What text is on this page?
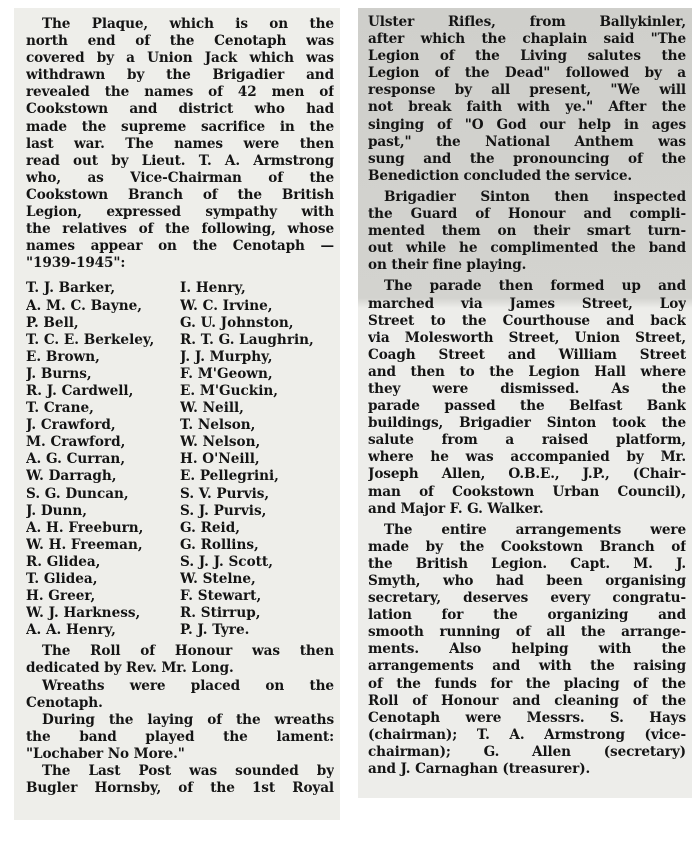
The Plaque, which is on the
north end of the Cenotaph was
covered by a Union Jack which was
withdrawn by the Brigadier and
revealed the names of 42 men of
Cookstown and district who had
made the supreme sacrifice in the
last war. The names were then
read out by Lieut. T. A. Armstrong
who, as Vice-Chairman of the
Cookstown Branch of the British
Legion, expressed sympathy with
the relatives of the following, whose
names appear on the Cenotaph —
"1939-1945":

T. J. Barker,	I. Henry,
A. M. C. Bayne,	W. C. Irvine,
P. Bell,	G. U. Johnston,
T. C. E. Berkeley,	R. T. G. Laughrin,
E. Brown,	J. J. Murphy,
J. Burns,	F. M'Geown,
R. J. Cardwell,	E. M'Guckin,
T. Crane,	W. Neill,
J. Crawford,	T. Nelson,
M. Crawford,	W. Nelson,
A. G. Curran,	H. O'Neill,
W. Darragh,	E. Pellegrini,
S. G. Duncan,	S. V. Purvis,
J. Dunn,	S. J. Purvis,
A. H. Freeburn,	G. Reid,
W. H. Freeman,	G. Rollins,
R. Glidea,	S. J. J. Scott,
T. Glidea,	W. Stelne,
H. Greer,	F. Stewart,
W. J. Harkness,	R. Stirrup,
A. A. Henry,	P. J. Tyre.

The Roll of Honour was then
dedicated by Rev. Mr. Long.

Wreaths were placed on the
Cenotaph.

During the laying of the wreaths
the band played the lament:
"Lochaber No More."

The Last Post was sounded by
Bugler Hornsby, of the 1st Royal

Ulster Rifles, from Ballykinler,
after which the chaplain said "The
Legion of the Living salutes the
Legion of the Dead" followed by a
response by all present, "We will
not break faith with ye." After the
singing of "O God our help in ages
past," the National Anthem was
sung and the pronouncing of the
Benediction concluded the service.

Brigadier Sinton then inspected
the Guard of Honour and compli-
mented them on their smart turn-
out while he complimented the band
on their fine playing.

The parade then formed up and
marched via James Street, Loy
Street to the Courthouse and back
via Molesworth Street, Union Street,
Coagh Street and William Street
and then to the Legion Hall where
they were dismissed. As the
parade passed the Belfast Bank
buildings, Brigadier Sinton took the
salute from a raised platform,
where he was accompanied by Mr.
Joseph Allen, O.B.E., J.P., (Chair-
man of Cookstown Urban Council),
and Major F. G. Walker.

The entire arrangements were
made by the Cookstown Branch of
the British Legion. Capt. M. J.
Smyth, who had been organising
secretary, deserves every congratu-
lation for the organizing and
smooth running of all the arrange-
ments. Also helping with the
arrangements and with the raising
of the funds for the placing of the
Roll of Honour and cleaning of the
Cenotaph were Messrs. S. Hays
(chairman); T. A. Armstrong (vice-
chairman); G. Allen (secretary)
and J. Carnaghan (treasurer).
